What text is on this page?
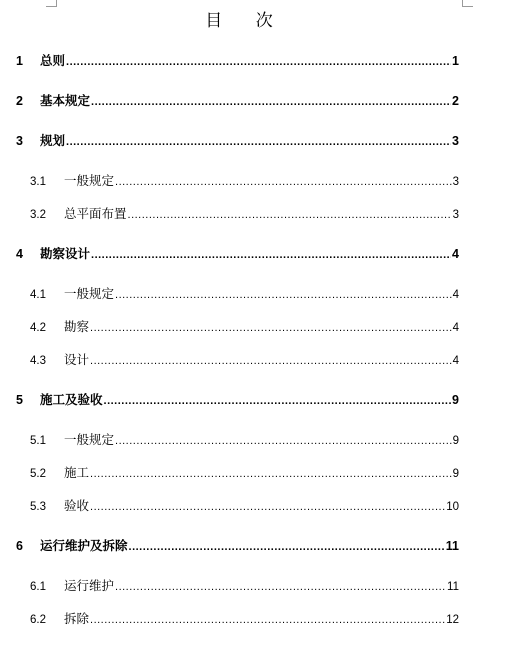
目 次
1	总则 .....	1
2	基本规定 .....	2
3	规划 .....	3
3.1	一般规定 .....	3
3.2	总平面布置 .....	3
4	勘察设计 .....	4
4.1	一般规定 .....	4
4.2	勘察 .....	4
4.3	设计 .....	4
5	施工及验收 .....	9
5.1	一般规定 .....	9
5.2	施工 .....	9
5.3	验收 .....	10
6	运行维护及拆除 .....	11
6.1	运行维护 .....	11
6.2	拆除 .....	12
